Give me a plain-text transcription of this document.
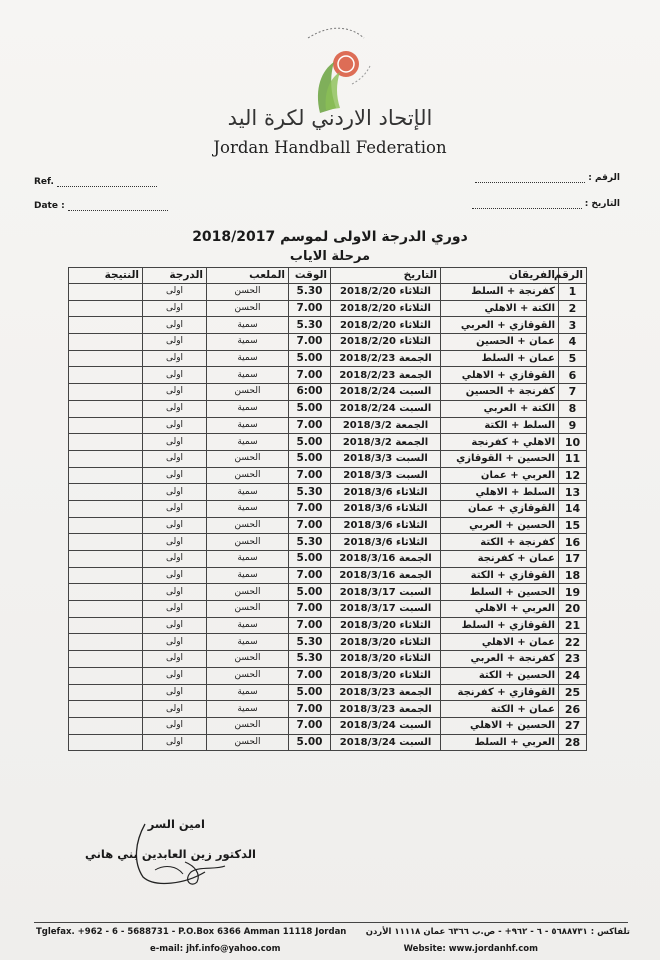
الإتحاد الاردني لكرة اليد
Jordan Handball Federation
Ref.
Date :
الرقم :
التاريخ :
دوري الدرجة الاولى لموسم 2018/2017
مرحلة الاياب
الرقم	الفريقان	التاريخ	الوقت	الملعب	الدرجة	النتيجة
1	كفرنجة + السلط	الثلاثاء 2018/2/20	5.30	الحسن	اولى	
2	الكتة + الاهلي	الثلاثاء 2018/2/20	7.00	الحسن	اولى	
3	القوقازي + العربي	الثلاثاء 2018/2/20	5.30	سمية	اولى	
4	عمان + الحسين	الثلاثاء 2018/2/20	7.00	سمية	اولى	
5	عمان + السلط	الجمعة 2018/2/23	5.00	سمية	اولى	
6	القوقازي + الاهلي	الجمعة 2018/2/23	7.00	سمية	اولى	
7	كفرنجة + الحسين	السبت 2018/2/24	6:00	الحسن	اولى	
8	الكتة + العربي	السبت 2018/2/24	5.00	سمية	اولى	
9	السلط + الكتة	الجمعة 2018/3/2	7.00	سمية	اولى	
10	الاهلي + كفرنجة	الجمعة 2018/3/2	5.00	سمية	اولى	
11	الحسين + القوقازي	السبت 2018/3/3	5.00	الحسن	اولى	
12	العربي + عمان	السبت 2018/3/3	7.00	الحسن	اولى	
13	السلط + الاهلي	الثلاثاء 2018/3/6	5.30	سمية	اولى	
14	القوقازي + عمان	الثلاثاء 2018/3/6	7.00	سمية	اولى	
15	الحسين + العربي	الثلاثاء 2018/3/6	7.00	الحسن	اولى	
16	كفرنجة + الكتة	الثلاثاء 2018/3/6	5.30	الحسن	اولى	
17	عمان + كفرنجة	الجمعة 2018/3/16	5.00	سمية	اولى	
18	القوقازي + الكتة	الجمعة 2018/3/16	7.00	سمية	اولى	
19	الحسين + السلط	السبت 2018/3/17	5.00	الحسن	اولى	
20	العربي + الاهلي	السبت 2018/3/17	7.00	الحسن	اولى	
21	القوقازي + السلط	الثلاثاء 2018/3/20	7.00	سمية	اولى	
22	عمان + الاهلي	الثلاثاء 2018/3/20	5.30	سمية	اولى	
23	كفرنجة + العربي	الثلاثاء 2018/3/20	5.30	الحسن	اولى	
24	الحسين + الكتة	الثلاثاء 2018/3/20	7.00	الحسن	اولى	
25	القوقازي + كفرنجة	الجمعة 2018/3/23	5.00	سمية	اولى	
26	عمان + الكتة	الجمعة 2018/3/23	7.00	سمية	اولى	
27	الحسين + الاهلي	السبت 2018/3/24	7.00	الحسن	اولى	
28	العربي + السلط	السبت 2018/3/24	5.00	الحسن	اولى	
امين السر
الدكتور زين العابدين بني هاني
Tglefax. +962 - 6 - 5688731 - P.O.Box 6366 Amman 11118 Jordan تلفاكس : ٥٦٨٨٧٣١ - ٦ - ٩٦٢+ - ص.ب ٦٣٦٦ عمان ١١١١٨ الأردن
e-mail: jhf.info@yahoo.com	Website: www.jordanhf.com
